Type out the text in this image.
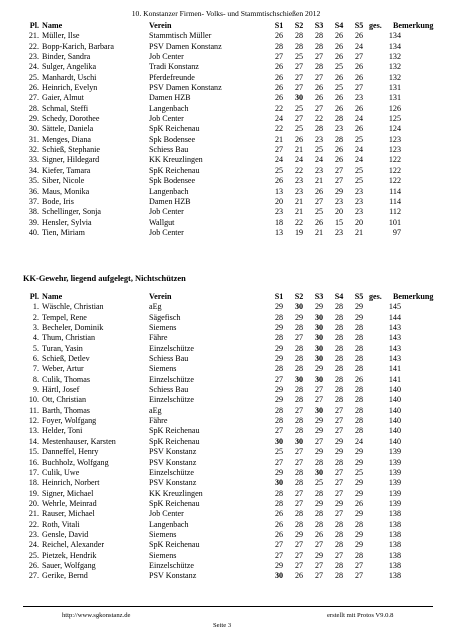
10. Konstanzer Firmen- Volks- und Stammtischschießen 2012
Pl. Name	Verein	S1 S2 S3 S4 S5 ges. Bemerkung
21. Müller, Ilse	Stammtisch Müller	26 28 28 26 26	134
22. Bopp-Karich, Barbara	PSV Damen Konstanz	28 28 28 26 24	134
23. Binder, Sandra	Job Center	27 25 27 26 27	132
24. Sulger, Angelika	Tradi Konstanz	26 27 28 25 26	132
25. Manhardt, Uschi	Pferdefreunde	26 27 27 26 26	132
26. Heinrich, Evelyn	PSV Damen Konstanz	26 27 26 25 27	131
27. Gaier, Almut	Damen HZB	26 30 26 26 23	131
28. Schmal, Steffi	Langenbach	22 25 27 26 26	126
29. Schedy, Dorothee	Job Center	24 27 22 28 24	125
30. Sättele, Daniela	SpK Reichenau	22 25 28 23 26	124
31. Menges, Diana	Spk Bodensee	21 26 23 28 25	123
32. Schieß, Stephanie	Schiess Bau	27 21 25 26 24	123
33. Signer, Hildegard	KK Kreuzlingen	24 24 24 26 24	122
34. Kiefer, Tamara	SpK Reichenau	25 22 23 27 25	122
35. Siber, Nicole	Spk Bodensee	26 23 21 27 25	122
36. Maus, Monika	Langenbach	13 23 26 29 23	114
37. Bode, Iris	Damen HZB	20 21 27 23 23	114
38. Schellinger, Sonja	Job Center	23 21 25 20 23	112
39. Hensler, Sylvia	Wallgut	18 22 26 15 20	101
40. Tien, Miriam	Job Center	13 19 21 23 21	97
KK-Gewehr, liegend aufgelegt, Nichtschützen
Pl. Name	Verein	S1 S2 S3 S4 S5 ges. Bemerkung
1. Wäschle, Christian	aEg	29 30 29 28 29	145
2. Tempel, Rene	Sägefisch	28 29 30 28 29	144
3. Becheler, Dominik	Siemens	29 28 30 28 28	143
4. Thum, Christian	Fähre	28 27 30 28 28	143
5. Turan, Yasin	Einzelschütze	29 28 30 28 28	143
6. Schieß, Detlev	Schiess Bau	29 28 30 28 28	143
7. Weber, Artur	Siemens	28 28 29 28 28	141
8. Culik, Thomas	Einzelschütze	27 30 30 28 26	141
9. Härtl, Josef	Schiess Bau	29 28 27 28 28	140
10. Ott, Christian	Einzelschütze	29 28 27 28 28	140
11. Barth, Thomas	aEg	28 27 30 27 28	140
12. Foyer, Wolfgang	Fähre	28 28 29 27 28	140
13. Helder, Toni	SpK Reichenau	27 28 29 27 28	140
14. Mestenhauser, Karsten	SpK Reichenau	30 30 27 29 24	140
15. Danneffel, Henry	PSV Konstanz	25 27 29 29 29	139
16. Buchholz, Wolfgang	PSV Konstanz	27 27 28 28 29	139
17. Culik, Uwe	Einzelschütze	29 28 30 27 25	139
18. Heinrich, Norbert	PSV Konstanz	30 28 25 27 29	139
19. Signer, Michael	KK Kreuzlingen	28 27 28 27 29	139
20. Wehrle, Meinrad	SpK Reichenau	28 27 29 29 26	139
21. Rauser, Michael	Job Center	26 28 28 27 29	138
22. Roth, Vitali	Langenbach	26 28 28 28 28	138
23. Gensle, David	Siemens	26 29 26 28 29	138
24. Reichel, Alexander	SpK Reichenau	27 27 27 28 29	138
25. Pietzek, Hendrik	Siemens	27 27 29 27 28	138
26. Sauer, Wolfgang	Einzelschütze	29 27 27 28 27	138
27. Gerike, Bernd	PSV Konstanz	30 26 27 28 27	138
http://www.sgkonstanz.de	erstellt mit Protos V9.0.8
Seite 3
